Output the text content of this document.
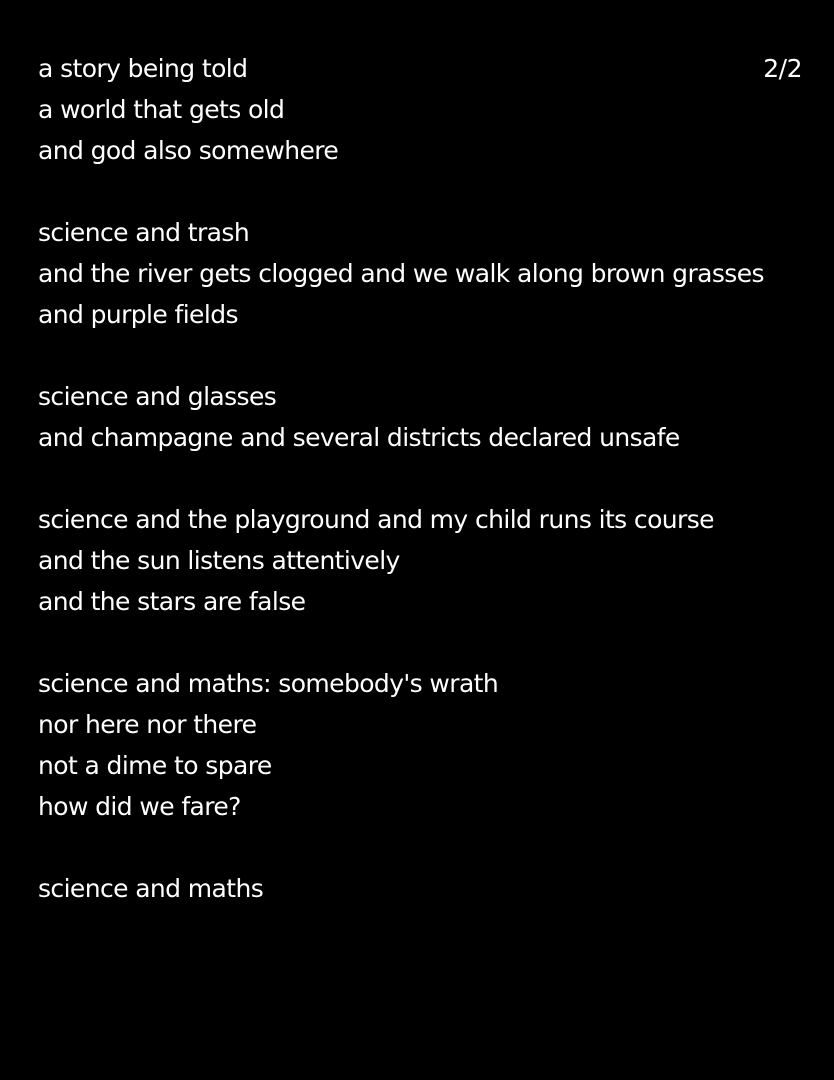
2/2
a story being told
a world that gets old
and god also somewhere
science and trash
and the river gets clogged and we walk along brown grasses
and purple fields
science and glasses
and champagne and several districts declared unsafe
science and the playground and my child runs its course
and the sun listens attentively
and the stars are false
science and maths: somebody's wrath
nor here nor there
not a dime to spare
how did we fare?
science and maths
